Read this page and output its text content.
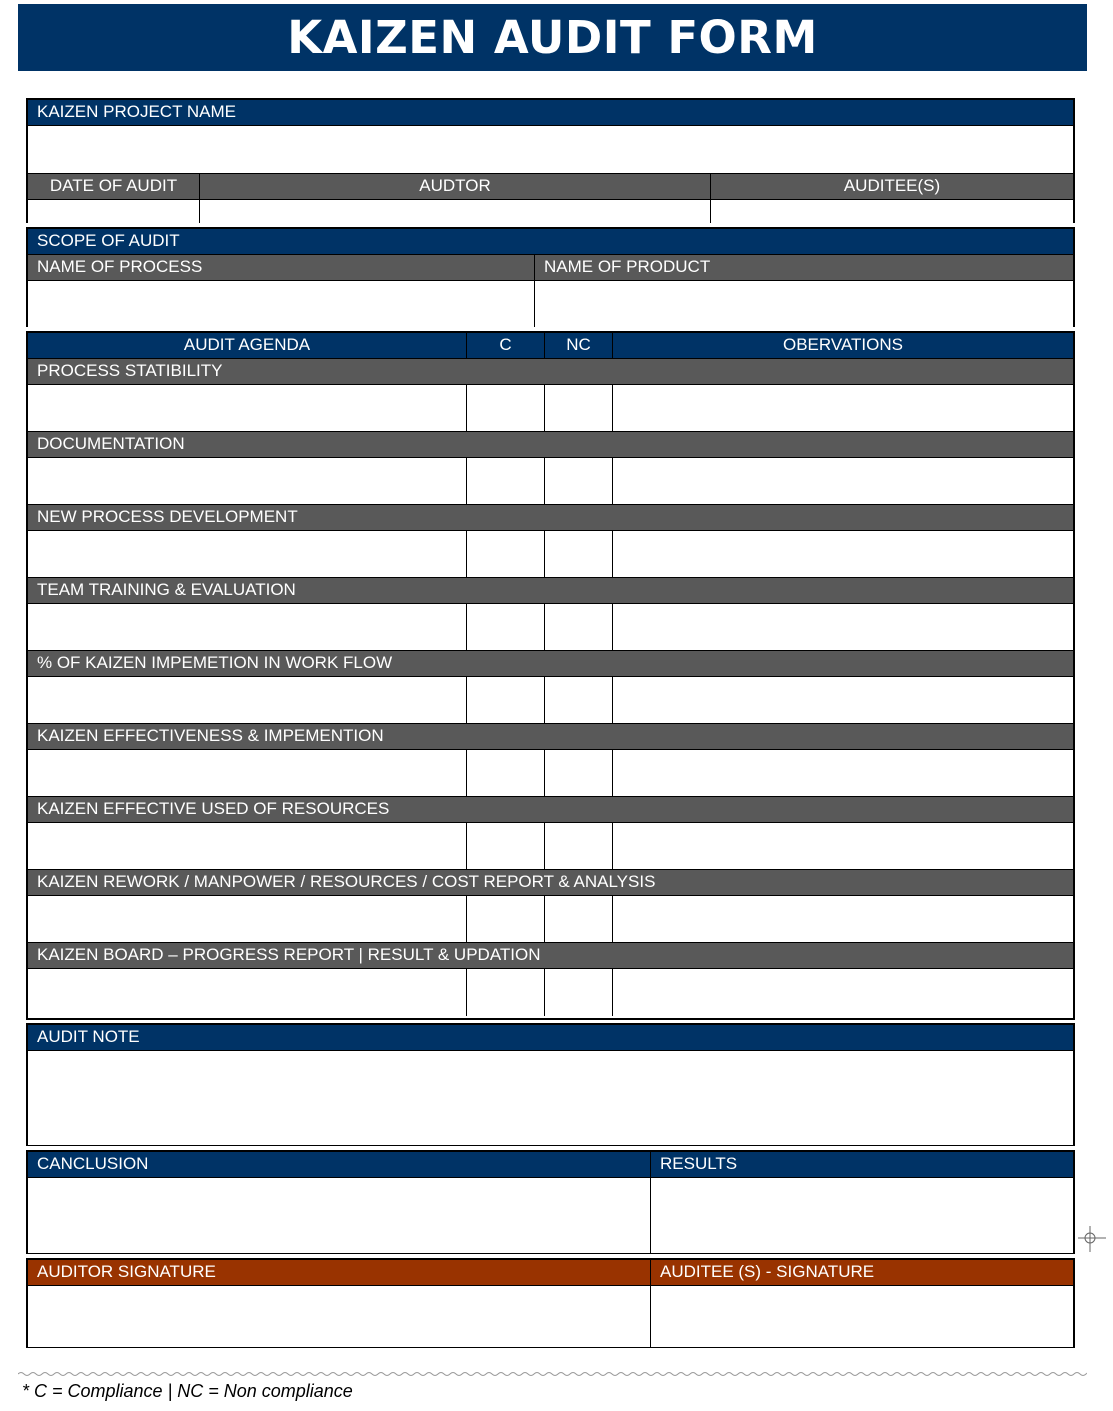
KAIZEN AUDIT FORM
KAIZEN PROJECT NAME
DATE OF AUDIT	AUDTOR	AUDITEE(S)
SCOPE OF AUDIT
NAME OF PROCESS	NAME OF PRODUCT
AUDIT AGENDA	C	NC	OBERVATIONS
PROCESS STATIBILITY
DOCUMENTATION
NEW PROCESS DEVELOPMENT
TEAM TRAINING & EVALUATION
% OF KAIZEN IMPEMETION IN WORK FLOW
KAIZEN EFFECTIVENESS & IMPEMENTION
KAIZEN EFFECTIVE USED OF RESOURCES
KAIZEN REWORK / MANPOWER / RESOURCES / COST REPORT & ANALYSIS
KAIZEN BOARD – PROGRESS REPORT | RESULT & UPDATION
AUDIT NOTE
CANCLUSION	RESULTS
AUDITOR SIGNATURE	AUDITEE (S) - SIGNATURE
* C = Compliance | NC = Non compliance
